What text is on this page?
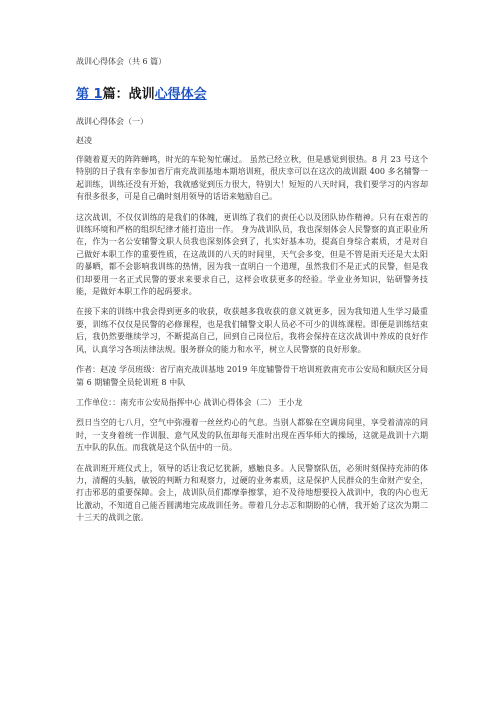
战训心得体会（共 6 篇）
第 1篇：战训心得体会
战训心得体会（一）
赵凌

伴随着夏天的阵阵蝉鸣，时光的车轮匆忙碾过。 虽然已经立秋，但是感觉到很热。8 月 23 号这个特别的日子我有幸参加省厅南充战训基地本期培训班，很庆幸可以在这次的战训跟 400 多名辅警一起训练，训练还没有开始，我就感觉到压力很大，特别大！短短的八天时间，我们要学习的内容却有很多很多，可是自己确时刻用领导的话语来勉励自己。

这次战训，不仅仅训练的是我们的体魄，更训练了我们的责任心以及团队协作精神。只有在艰苦的训练环境和严格的组织纪律才能打造出一作。 身为战训队员，我也深刻体会人民警察的真正职业所在，作为一名公安辅警文职人员我也深刻体会到了，扎实好基本功，提高自身综合素质，才是对自己做好本职工作的重要性质，在这战训的八天的时间里，天气会多变，但是不管是雨天还是大太阳的暴晒，都不会影响我训练的热情，因为我一直明白一个道理，虽然我们不是正式的民警，但是我们却要用一名正式民警的要求来要求自己，这样会收获更多的经验。学业业务知识，钻研警务技能，是做好本职工作的起码要求。

在接下来的训练中我会得到更多的收获，收获越多我收获的意义就更多，因为我知道人生学习最重要，训练不仅仅是民警的必修课程，也是我们辅警文职人员必不可少的训练课程。即便是训练结束后，我仍然要继续学习，不断提高自己，回到自己岗位后，我将会保持在这次战训中养成的良好作风，认真学习各项法律法规。服务群众的能力和水平，树立人民警察的良好形象。

作者：赵凌 学员班级：省厅南充战训基地 2019 年度辅警骨干培训班敦南充市公安局和顺庆区分局第 6 期辅警全员轮训班 8 中队

工作单位：：南充市公安局指挥中心 战训心得体会（二） 王小龙

烈日当空的七八月，空气中弥漫着一丝丝灼心的气息。当别人都躲在空调房间里，享受着清凉的同时，一支身着统一作训服、意气风发的队伍却每天准时出现在西华师大的操场，这就是战训十六期五中队的队伍。而我就是这个队伍中的一员。

在战训班开班仪式上，领导的话让我记忆犹新，感触良多。人民警察队伍，必须时刻保持充沛的体力，清醒的头脑，敏锐的判断力和观察力，过硬的业务素质，这是保护人民群众的生命财产安全，打击邪恶的重要保障。会上，战训队员们都摩拳擦掌，迫不及待地想要投入战训中，我的内心也无比激动，不知道自己能否圆满地完成战训任务。带着几分忐忑和期盼的心情，我开始了这次为期二十三天的战训之旅。
